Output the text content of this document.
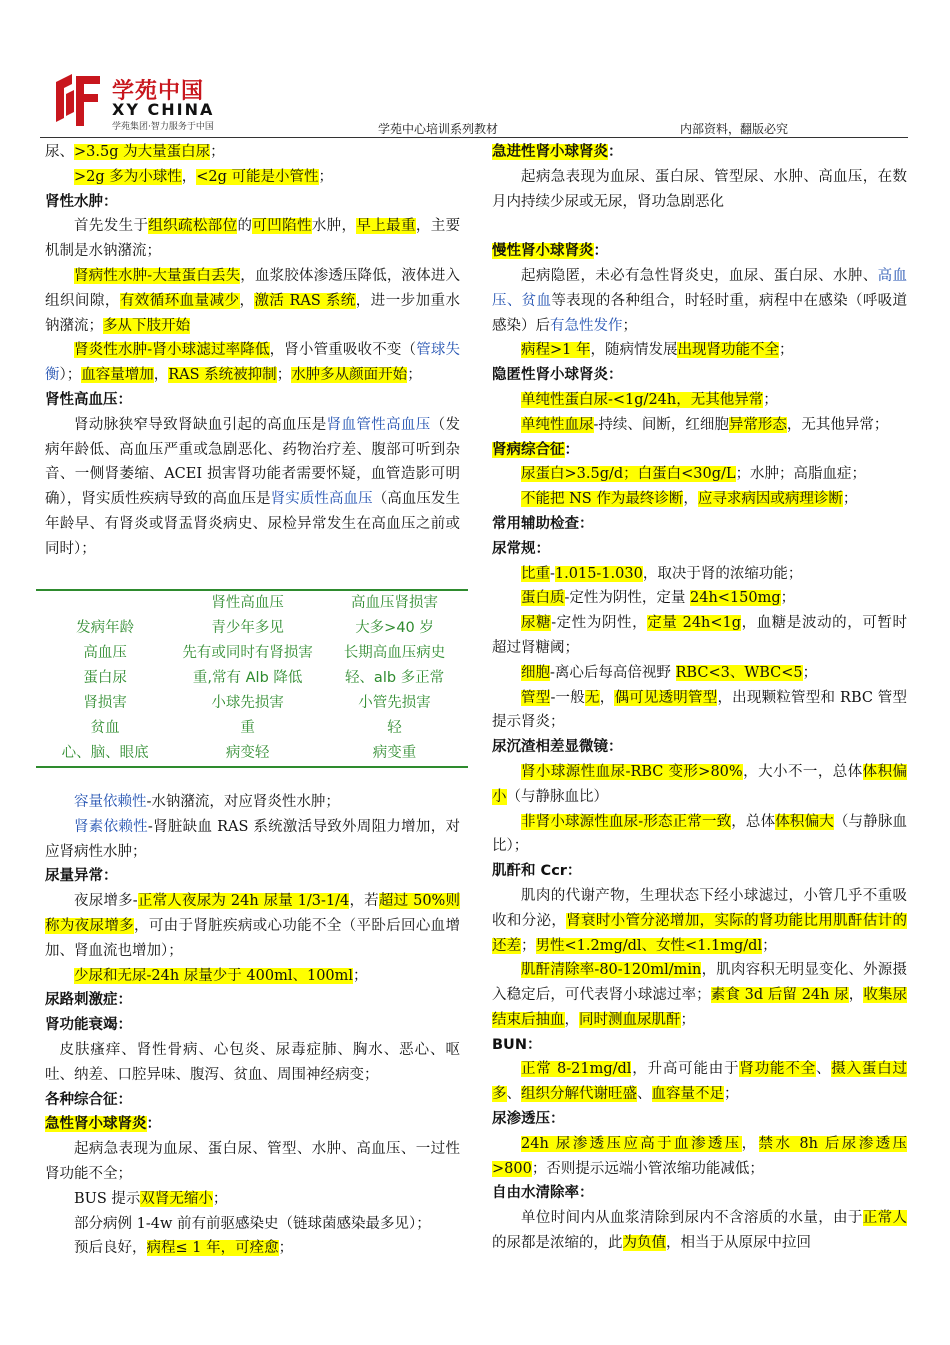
学苑中国
XY CHINA
学苑集团·智力服务于中国	学苑中心培训系列教材	内部资料，翻版必究

尿、>3.5g 为大量蛋白尿；

>2g 多为小球性，<2g 可能是小管性；

肾性水肿：

首先发生于组织疏松部位的可凹陷性水肿，早上最重，主要机制是水钠潴流；

肾病性水肿-大量蛋白丢失，血浆胶体渗透压降低，液体进入组织间隙，有效循环血量减少，激活 RAS 系统，进一步加重水钠潴流；多从下肢开始

肾炎性水肿-肾小球滤过率降低，肾小管重吸收不变（管球失衡）；血容量增加，RAS 系统被抑制；水肿多从颜面开始；

肾性高血压：

肾动脉狭窄导致肾缺血引起的高血压是肾血管性高血压（发病年龄低、高血压严重或急剧恶化、药物治疗差、腹部可听到杂音、一侧肾萎缩、ACEI 损害肾功能者需要怀疑，血管造影可明确），肾实质性疾病导致的高血压是肾实质性高血压（高血压发生年龄早、有肾炎或肾盂肾炎病史、尿检异常发生在高血压之前或同时）；

	肾性高血压	高血压肾损害
发病年龄	青少年多见	大多>40 岁
高血压	先有或同时有肾损害	长期高血压病史
蛋白尿	重,常有 Alb 降低	轻、alb 多正常
肾损害	小球先损害	小管先损害
贫血	重	轻
心、脑、眼底	病变轻	病变重

容量依赖性-水钠潴流，对应肾炎性水肿；

肾素依赖性-肾脏缺血 RAS 系统激活导致外周阻力增加，对应肾病性水肿；

尿量异常：

夜尿增多-正常人夜尿为 24h 尿量 1/3-1/4，若超过 50%则称为夜尿增多，可由于肾脏疾病或心功能不全（平卧后回心血增加、肾血流也增加）；

少尿和无尿-24h 尿量少于 400ml、100ml；

尿路刺激症：

肾功能衰竭：

皮肤瘙痒、肾性骨病、心包炎、尿毒症肺、胸水、恶心、呕吐、纳差、口腔异味、腹泻、贫血、周围神经病变；

各种综合征：

急性肾小球肾炎：

起病急表现为血尿、蛋白尿、管型、水肿、高血压、一过性肾功能不全；

BUS 提示双肾无缩小；

部分病例 1-4w 前有前驱感染史（链球菌感染最多见）；

预后良好，病程≤ 1 年，可痊愈；

急进性肾小球肾炎：

起病急表现为血尿、蛋白尿、管型尿、水肿、高血压，在数月内持续少尿或无尿，肾功急剧恶化

慢性肾小球肾炎：

起病隐匿，未必有急性肾炎史，血尿、蛋白尿、水肿、高血压、贫血等表现的各种组合，时轻时重，病程中在感染（呼吸道感染）后有急性发作；

病程>1 年，随病情发展出现肾功能不全；

隐匿性肾小球肾炎：

单纯性蛋白尿-<1g/24h，无其他异常；

单纯性血尿-持续、间断，红细胞异常形态，无其他异常；

肾病综合征：

尿蛋白>3.5g/d；白蛋白<30g/L；水肿；高脂血症；

不能把 NS 作为最终诊断，应寻求病因或病理诊断；

常用辅助检查：

尿常规：

比重-1.015-1.030，取决于肾的浓缩功能；

蛋白质-定性为阴性，定量 24h<150mg；

尿糖-定性为阴性，定量 24h<1g，血糖是波动的，可暂时超过肾糖阈；

细胞-离心后每高倍视野 RBC<3、WBC<5；

管型-一般无，偶可见透明管型，出现颗粒管型和 RBC 管型提示肾炎；

尿沉渣相差显微镜：

肾小球源性血尿-RBC 变形>80%，大小不一，总体体积偏小（与静脉血比）

非肾小球源性血尿-形态正常一致，总体体积偏大（与静脉血比）；

肌酐和 Ccr：

肌肉的代谢产物，生理状态下经小球滤过，小管几乎不重吸收和分泌，肾衰时小管分泌增加，实际的肾功能比用肌酐估计的还差；男性<1.2mg/dl、女性<1.1mg/dl；

肌酐清除率-80-120ml/min，肌肉容积无明显变化、外源摄入稳定后，可代表肾小球滤过率；素食 3d 后留 24h 尿，收集尿结束后抽血，同时测血尿肌酐；

BUN：

正常 8-21mg/dl，升高可能由于肾功能不全、摄入蛋白过多、组织分解代谢旺盛、血容量不足；

尿渗透压：

24h 尿渗透压应高于血渗透压，禁水 8h 后尿渗透压>800；否则提示远端小管浓缩功能减低；

自由水清除率：

单位时间内从血浆清除到尿内不含溶质的水量，由于正常人的尿都是浓缩的，此为负值，相当于从原尿中拉回
